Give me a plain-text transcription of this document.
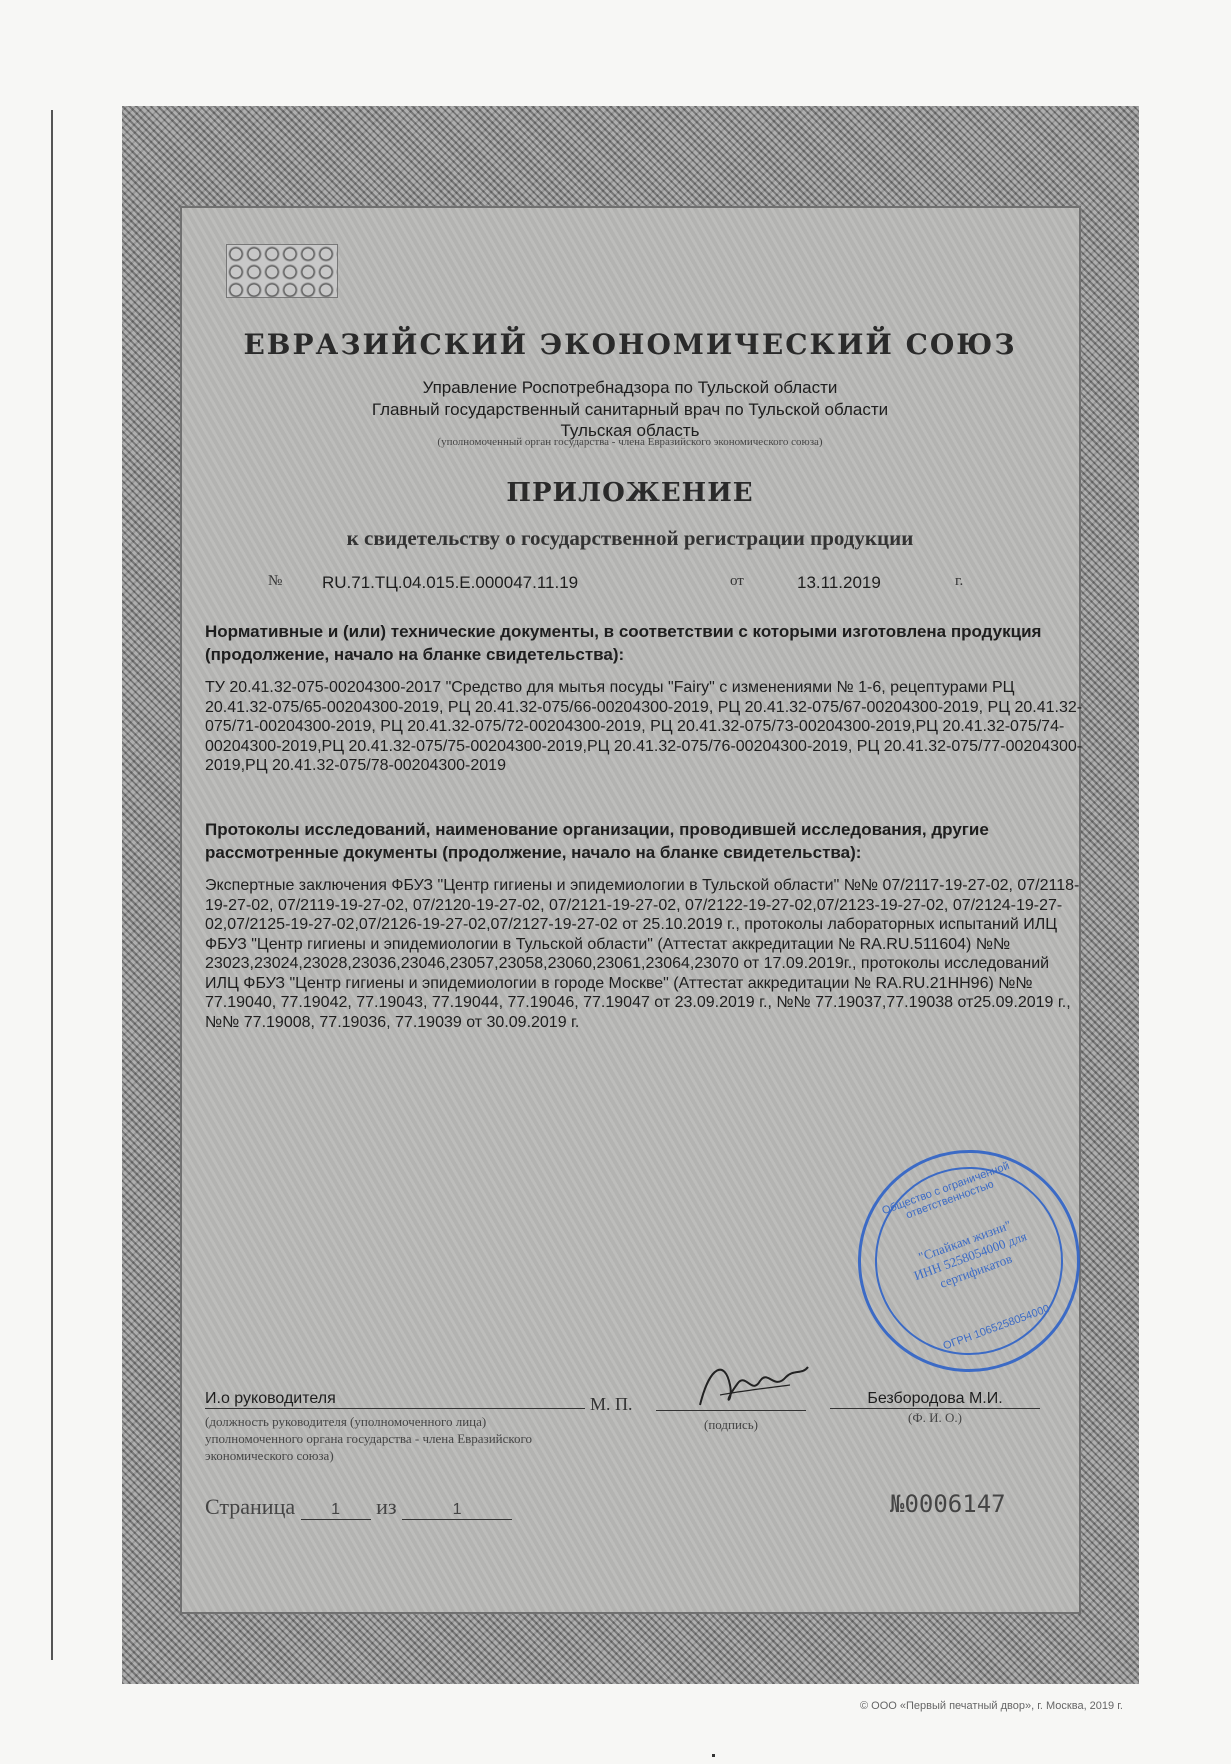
ЕВРАЗИЙСКИЙ ЭКОНОМИЧЕСКИЙ СОЮЗ
Управление Роспотребнадзора по Тульской области
Главный государственный санитарный врач по Тульской области
Тульская область
(уполномоченный орган государства - члена Евразийского экономического союза)
ПРИЛОЖЕНИЕ
к свидетельству о государственной регистрации продукции
№ RU.71.ТЦ.04.015.Е.000047.11.19	от	13.11.2019	г.
Нормативные и (или) технические документы, в соответствии с которыми изготовлена продукция (продолжение, начало на бланке свидетельства):
ТУ 20.41.32-075-00204300-2017 "Средство для мытья посуды "Fairy" с изменениями № 1-6, рецептурами РЦ 20.41.32-075/65-00204300-2019, РЦ 20.41.32-075/66-00204300-2019, РЦ 20.41.32-075/67-00204300-2019, РЦ 20.41.32-075/71-00204300-2019, РЦ 20.41.32-075/72-00204300-2019, РЦ 20.41.32-075/73-00204300-2019,РЦ 20.41.32-075/74-00204300-2019,РЦ 20.41.32-075/75-00204300-2019,РЦ 20.41.32-075/76-00204300-2019, РЦ 20.41.32-075/77-00204300-2019,РЦ 20.41.32-075/78-00204300-2019
Протоколы исследований, наименование организации, проводившей исследования, другие рассмотренные документы (продолжение, начало на бланке свидетельства):
Экспертные заключения ФБУЗ "Центр гигиены и эпидемиологии в Тульской области" №№ 07/2117-19-27-02, 07/2118-19-27-02, 07/2119-19-27-02, 07/2120-19-27-02, 07/2121-19-27-02, 07/2122-19-27-02,07/2123-19-27-02, 07/2124-19-27-02,07/2125-19-27-02,07/2126-19-27-02,07/2127-19-27-02 от 25.10.2019 г., протоколы лабораторных испытаний ИЛЦ ФБУЗ "Центр гигиены и эпидемиологии в Тульской области" (Аттестат аккредитации № RA.RU.511604) №№ 23023,23024,23028,23036,23046,23057,23058,23060,23061,23064,23070 от 17.09.2019г., протоколы исследований ИЛЦ ФБУЗ "Центр гигиены и эпидемиологии в городе Москве" (Аттестат аккредитации № RA.RU.21НН96) №№ 77.19040, 77.19042, 77.19043, 77.19044, 77.19046, 77.19047 от 23.09.2019 г., №№ 77.19037,77.19038 от25.09.2019 г., №№ 77.19008, 77.19036, 77.19039 от 30.09.2019 г.
Общество с ограниченной ответственностью
"Спайкам жизни" ИНН 5258054000 для сертификатов
ОГРН 1065258054000
И.о руководителя
(должность руководителя (уполномоченного лица) уполномоченного органа государства - члена Евразийского экономического союза)
М. П.
(подпись)
Безбородова М.И.
(Ф. И. О.)
Страница 1 из	1	№0006147
© ООО «Первый печатный двор», г. Москва, 2019 г.
